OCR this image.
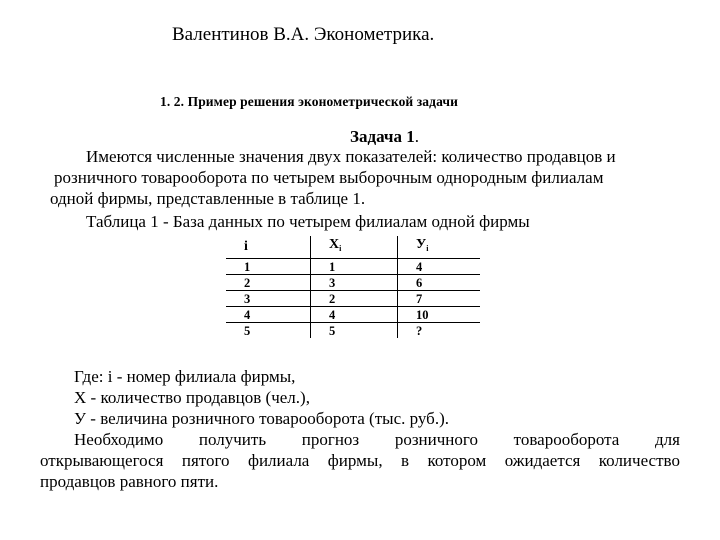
Валентинов В.А. Эконометрика.
1. 2. Пример решения эконометрической задачи
Задача 1.
Имеются численные значения двух показателей: количество продавцов и
розничного товарооборота по четырем выборочным однородным филиалам
одной фирмы, представленные в таблице 1.
Таблица 1 - База данных по четырем филиалам одной фирмы
i	$X_i$	$У_i$
1	1	4
2	3	6
3	2	7
4	4	10
5	5	?
Где: i - номер филиала фирмы,
X - количество продавцов (чел.),
У - величина розничного товарооборота (тыс. руб.).
Необходимо получить прогноз розничного товарооборота для
открывающегося пятого филиала фирмы, в котором ожидается количество
продавцов равного пяти.
